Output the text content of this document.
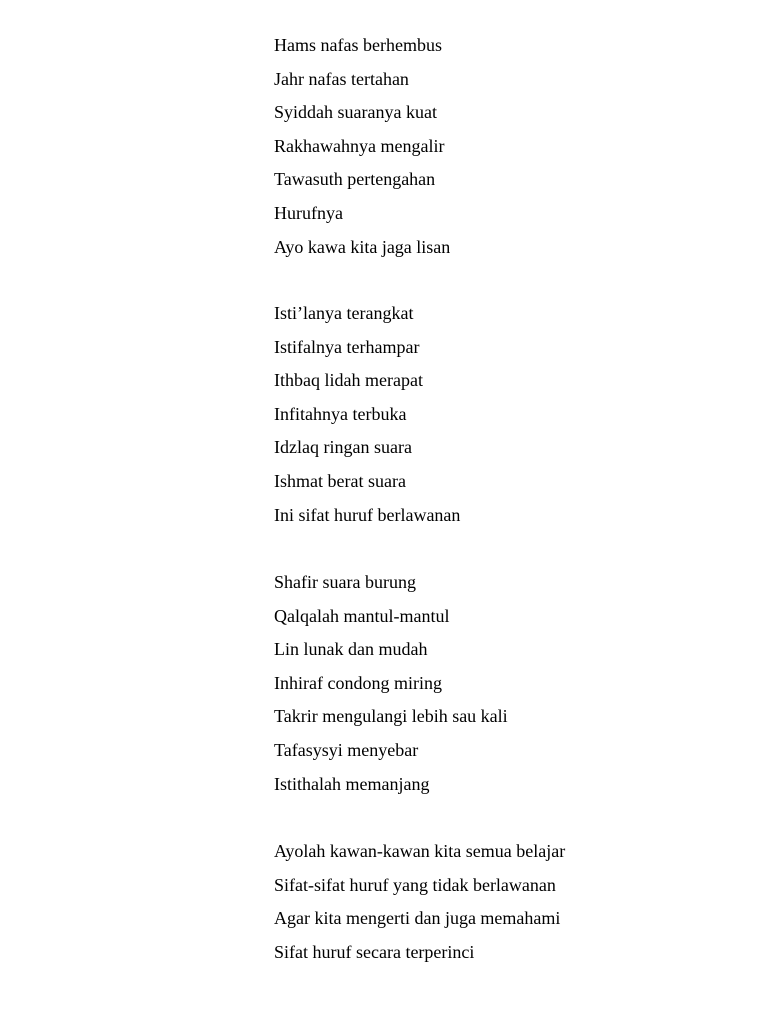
Hams nafas berhembus
Jahr nafas tertahan
Syiddah suaranya kuat
Rakhawahnya mengalir
Tawasuth pertengahan
Hurufnya
Ayo kawa kita jaga lisan
Isti’lanya terangkat
Istifalnya terhampar
Ithbaq lidah merapat
Infitahnya terbuka
Idzlaq ringan suara
Ishmat berat suara
Ini sifat huruf berlawanan
Shafir suara burung
Qalqalah mantul-mantul
Lin lunak dan mudah
Inhiraf condong miring
Takrir mengulangi lebih sau kali
Tafasysyi menyebar
Istithalah memanjang
Ayolah kawan-kawan kita semua belajar
Sifat-sifat huruf yang tidak berlawanan
Agar kita mengerti dan juga memahami
Sifat huruf secara terperinci
